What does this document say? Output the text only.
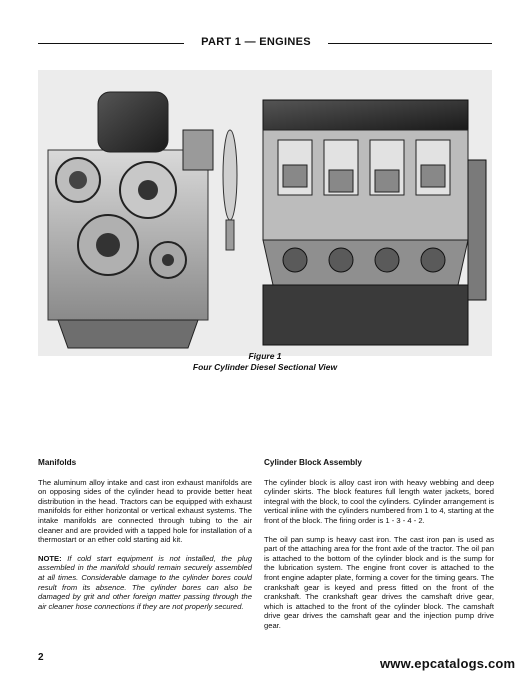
PART 1 — ENGINES
Figure 1
Four Cylinder Diesel Sectional View
Manifolds

The aluminum alloy intake and cast iron exhaust manifolds are on opposing sides of the cylinder head to provide better heat distribution in the head. Tractors can be equipped with exhaust manifolds for either horizontal or vertical exhaust systems. The intake manifolds are connected through tubing to the air cleaner and are provided with a tapped hole for installation of a thermostart or an ether cold starting aid kit.

NOTE: If cold start equipment is not installed, the plug assembled in the manifold should remain securely assembled at all times. Considerable damage to the cylinder bores could result from its absence. The cylinder bores can also be damaged by grit and other foreign matter passing through the air cleaner hose connections if they are not properly secured.

Cylinder Block Assembly

The cylinder block is alloy cast iron with heavy webbing and deep cylinder skirts. The block features full length water jackets, bored integral with the block, to cool the cylinders. Cylinder arrangement is vertical inline with the cylinders numbered from 1 to 4, starting at the front of the block. The firing order is 1 - 3 - 4 - 2.

The oil pan sump is heavy cast iron. The cast iron pan is used as part of the attaching area for the front axle of the tractor. The oil pan is attached to the bottom of the cylinder block and is the sump for the lubrication system. The engine front cover is attached to the front engine adapter plate, forming a cover for the timing gears. The crankshaft gear is keyed and press fitted on the front of the crankshaft. The crankshaft gear drives the camshaft drive gear, which is attached to the front of the cylinder block. The camshaft drive gear drives the camshaft gear and the injection pump drive gear.

2	www.epcatalogs.com
